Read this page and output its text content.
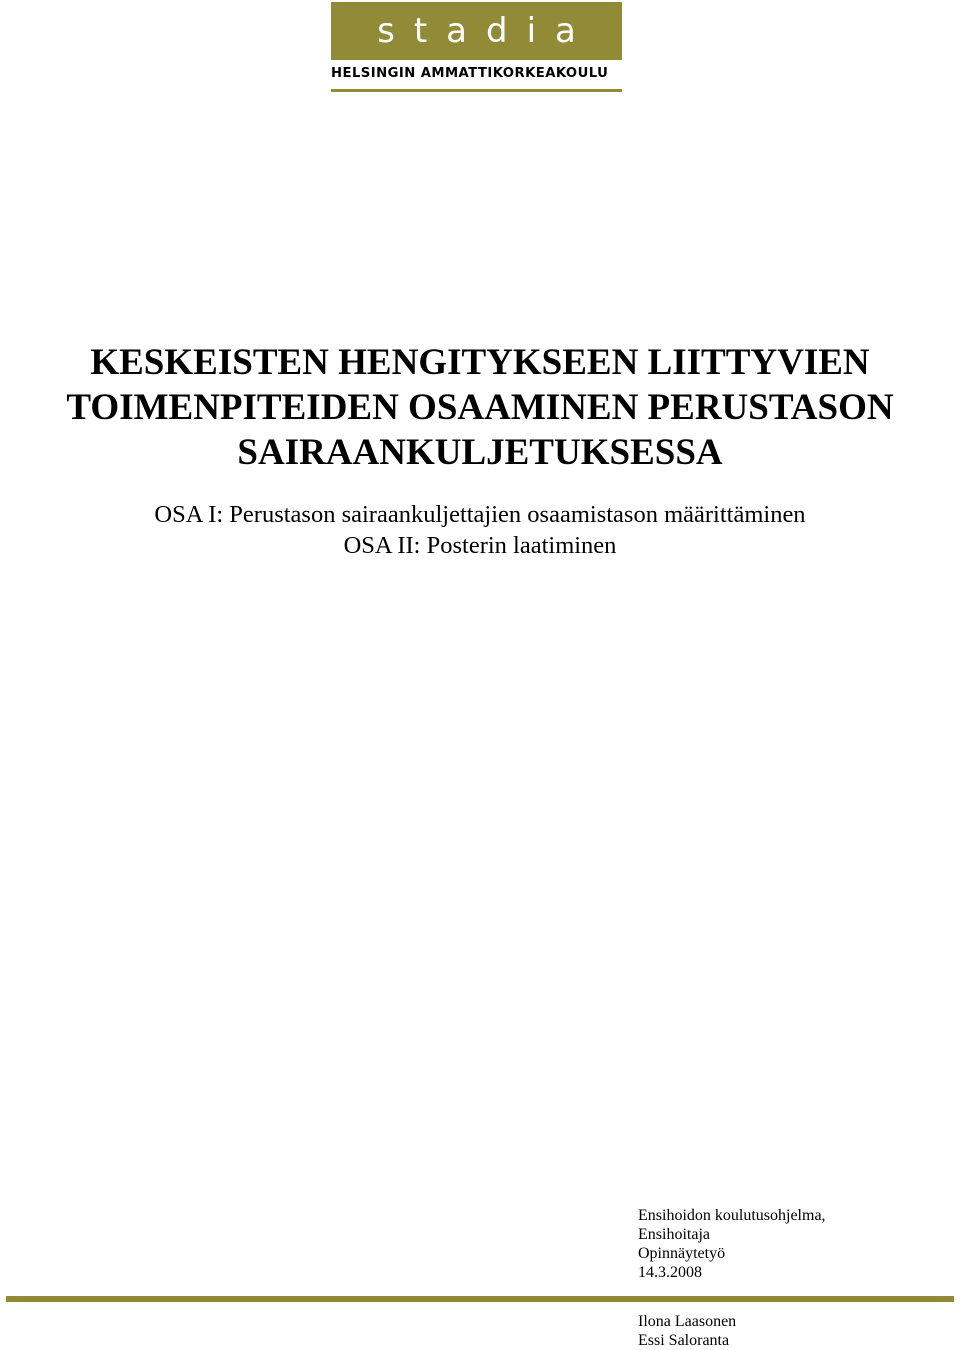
stadia
HELSINGIN AMMATTIKORKEAKOULU
KESKEISTEN HENGITYKSEEN LIITTYVIEN
TOIMENPITEIDEN OSAAMINEN PERUSTASON
SAIRAANKULJETUKSESSA
OSA I: Perustason sairaankuljettajien osaamistason määrittäminen
OSA II: Posterin laatiminen
Ensihoidon koulutusohjelma,
Ensihoitaja
Opinnäytetyö
14.3.2008
Ilona Laasonen
Essi Saloranta
